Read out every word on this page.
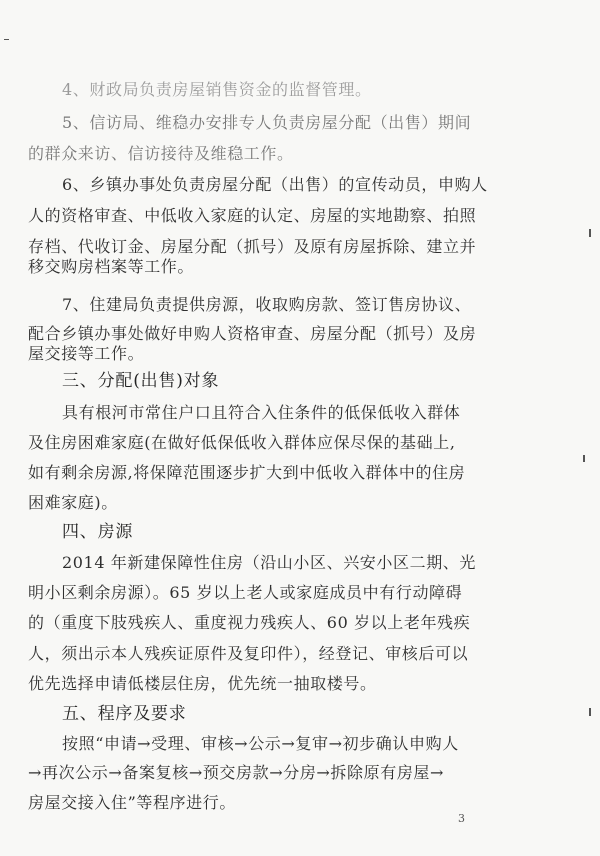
4、财政局负责房屋销售资金的监督管理。
5、信访局、维稳办安排专人负责房屋分配（出售）期间
的群众来访、信访接待及维稳工作。
6、乡镇办事处负责房屋分配（出售）的宣传动员，申购人
人的资格审查、中低收入家庭的认定、房屋的实地勘察、拍照
存档、代收订金、房屋分配（抓号）及原有房屋拆除、建立并
移交购房档案等工作。
7、住建局负责提供房源，收取购房款、签订售房协议、
配合乡镇办事处做好申购人资格审查、房屋分配（抓号）及房
屋交接等工作。
三、分配(出售)对象
具有根河市常住户口且符合入住条件的低保低收入群体
及住房困难家庭(在做好低保低收入群体应保尽保的基础上,
如有剩余房源,将保障范围逐步扩大到中低收入群体中的住房
困难家庭)。
四、房源
2014 年新建保障性住房（沿山小区、兴安小区二期、光
明小区剩余房源）。65 岁以上老人或家庭成员中有行动障碍
的（重度下肢残疾人、重度视力残疾人、60 岁以上老年残疾
人，须出示本人残疾证原件及复印件），经登记、审核后可以
优先选择申请低楼层住房，优先统一抽取楼号。
五、程序及要求
按照“申请→受理、审核→公示→复审→初步确认申购人
→再次公示→备案复核→预交房款→分房→拆除原有房屋→
房屋交接入住”等程序进行。
3
